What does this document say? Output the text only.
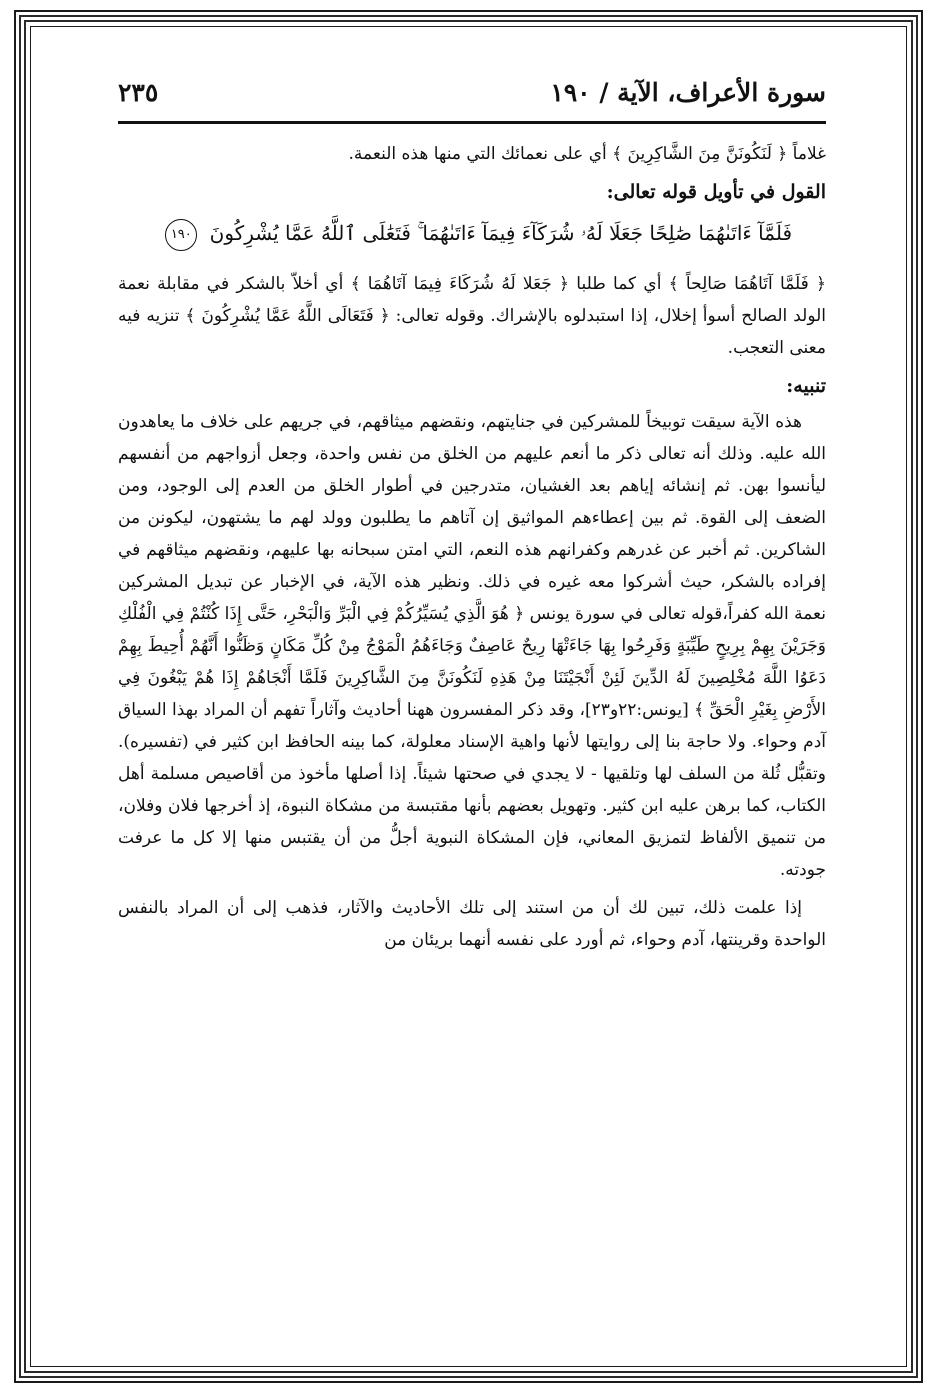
سورة الأعراف، الآية / ١٩٠
٢٣٥

غلاماً ﴿ لَنَكُونَنَّ مِنَ الشَّاكِرِينَ ﴾ أي على نعمائك التي منها هذه النعمة.

القول في تأويل قوله تعالى:
فَلَمَّآ ءَاتَىٰهُمَا صَٰلِحًا جَعَلَا لَهُۥ شُرَكَآءَ فِيمَآ ءَاتَىٰهُمَا ۚ فَتَعَٰلَى ٱللَّهُ عَمَّا يُشْرِكُونَ ١٩٠

﴿ فَلَمَّا آتَاهُمَا صَالِحاً ﴾ أي كما طلبا ﴿ جَعَلا لَهُ شُرَكَاءَ فِيمَا آتَاهُمَا ﴾ أي أخلاّ بالشكر في مقابلة نعمة الولد الصالح أسوأ إخلال، إذا استبدلوه بالإشراك. وقوله تعالى: ﴿ فَتَعَالَى اللَّهُ عَمَّا يُشْرِكُونَ ﴾ تنزيه فيه معنى التعجب.

تنبيه:

هذه الآية سيقت توبيخاً للمشركين في جنايتهم، ونقضهم ميثاقهم، في جريهم على خلاف ما يعاهدون الله عليه. وذلك أنه تعالى ذكر ما أنعم عليهم من الخلق من نفس واحدة، وجعل أزواجهم من أنفسهم ليأنسوا بهن. ثم إنشائه إياهم بعد الغشيان، متدرجين في أطوار الخلق من العدم إلى الوجود، ومن الضعف إلى القوة. ثم بين إعطاءهم المواثيق إن آتاهم ما يطلبون وولد لهم ما يشتهون، ليكونن من الشاكرين. ثم أخبر عن غدرهم وكفرانهم هذه النعم، التي امتن سبحانه بها عليهم، ونقضهم ميثاقهم في إفراده بالشكر، حيث أشركوا معه غيره في ذلك. ونظير هذه الآية، في الإخبار عن تبديل المشركين نعمة الله كفراً،قوله تعالى في سورة يونس ﴿ هُوَ الَّذِي يُسَيِّرُكُمْ فِي الْبَرِّ وَالْبَحْرِ، حَتَّى إِذَا كُنْتُمْ فِي الْفُلْكِ وَجَرَيْنَ بِهِمْ بِرِيحٍ طَيِّبَةٍ وَفَرِحُوا بِهَا جَاءَتْهَا رِيحٌ عَاصِفٌ وَجَاءَهُمُ الْمَوْجُ مِنْ كُلِّ مَكَانٍ وَظَنُّوا أَنَّهُمْ أُحِيطَ بِهِمْ دَعَوُا اللَّهَ مُخْلِصِينَ لَهُ الدِّينَ لَئِنْ أَنْجَيْتَنَا مِنْ هَذِهِ لَنَكُونَنَّ مِنَ الشَّاكِرِينَ فَلَمَّا أَنْجَاهُمْ إِذَا هُمْ يَبْغُونَ فِي الأَرْضِ بِغَيْرِ الْحَقِّ ﴾ [يونس:٢٢و٢٣]، وقد ذكر المفسرون ههنا أحاديث وآثاراً تفهم أن المراد بهذا السياق آدم وحواء. ولا حاجة بنا إلى روايتها لأنها واهية الإسناد معلولة، كما بينه الحافظ ابن كثير في (تفسيره). وتقبُّل ثُلة من السلف لها وتلقيها - لا يجدي في صحتها شيئاً. إذا أصلها مأخوذ من أقاصيص مسلمة أهل الكتاب، كما برهن عليه ابن كثير. وتهويل بعضهم بأنها مقتبسة من مشكاة النبوة، إذ أخرجها فلان وفلان، من تنميق الألفاظ لتمزيق المعاني، فإن المشكاة النبوية أجلُّ من أن يقتبس منها إلا كل ما عرفت جودته.

إذا علمت ذلك، تبين لك أن من استند إلى تلك الأحاديث والآثار، فذهب إلى أن المراد بالنفس الواحدة وقرينتها، آدم وحواء، ثم أورد على نفسه أنهما بريئان من
